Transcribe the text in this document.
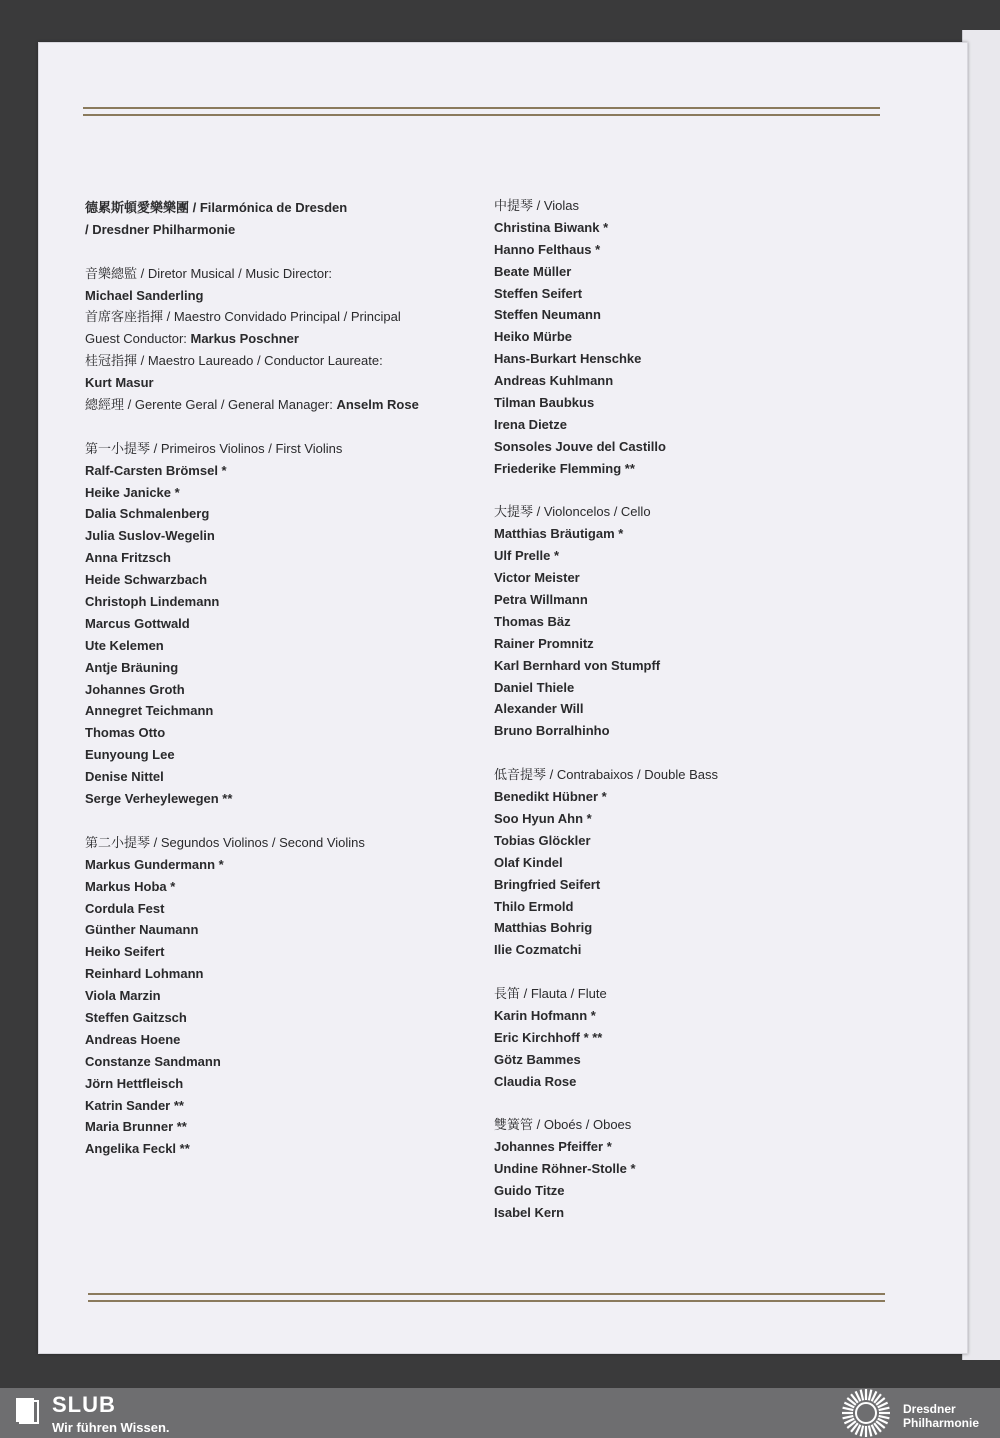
德累斯頓愛樂樂團 / Filarmónica de Dresden
/ Dresdner Philharmonie
音樂總監 / Diretor Musical / Music Director:
Michael Sanderling
首席客座指揮 / Maestro Convidado Principal / Principal
Guest Conductor: Markus Poschner
桂冠指揮 / Maestro Laureado / Conductor Laureate:
Kurt Masur
總經理 / Gerente Geral / General Manager: Anselm Rose
第一小提琴 / Primeiros Violinos / First Violins
Ralf-Carsten Brömsel *
Heike Janicke *
Dalia Schmalenberg
Julia Suslov-Wegelin
Anna Fritzsch
Heide Schwarzbach
Christoph Lindemann
Marcus Gottwald
Ute Kelemen
Antje Bräuning
Johannes Groth
Annegret Teichmann
Thomas Otto
Eunyoung Lee
Denise Nittel
Serge Verheylewegen **
第二小提琴 / Segundos Violinos / Second Violins
Markus Gundermann *
Markus Hoba *
Cordula Fest
Günther Naumann
Heiko Seifert
Reinhard Lohmann
Viola Marzin
Steffen Gaitzsch
Andreas Hoene
Constanze Sandmann
Jörn Hettfleisch
Katrin Sander **
Maria Brunner **
Angelika Feckl **
中提琴 / Violas
Christina Biwank *
Hanno Felthaus *
Beate Müller
Steffen Seifert
Steffen Neumann
Heiko Mürbe
Hans-Burkart Henschke
Andreas Kuhlmann
Tilman Baubkus
Irena Dietze
Sonsoles Jouve del Castillo
Friederike Flemming **
大提琴 / Violoncelos / Cello
Matthias Bräutigam *
Ulf Prelle *
Victor Meister
Petra Willmann
Thomas Bäz
Rainer Promnitz
Karl Bernhard von Stumpff
Daniel Thiele
Alexander Will
Bruno Borralhinho
低音提琴 / Contrabaixos / Double Bass
Benedikt Hübner *
Soo Hyun Ahn *
Tobias Glöckler
Olaf Kindel
Bringfried Seifert
Thilo Ermold
Matthias Bohrig
Ilie Cozmatchi
長笛 / Flauta / Flute
Karin Hofmann *
Eric Kirchhoff * **
Götz Bammes
Claudia Rose
雙簧管 / Oboés / Oboes
Johannes Pfeiffer *
Undine Röhner-Stolle *
Guido Titze
Isabel Kern
SLUB
Wir führen Wissen.
Dresdner
Philharmonie
